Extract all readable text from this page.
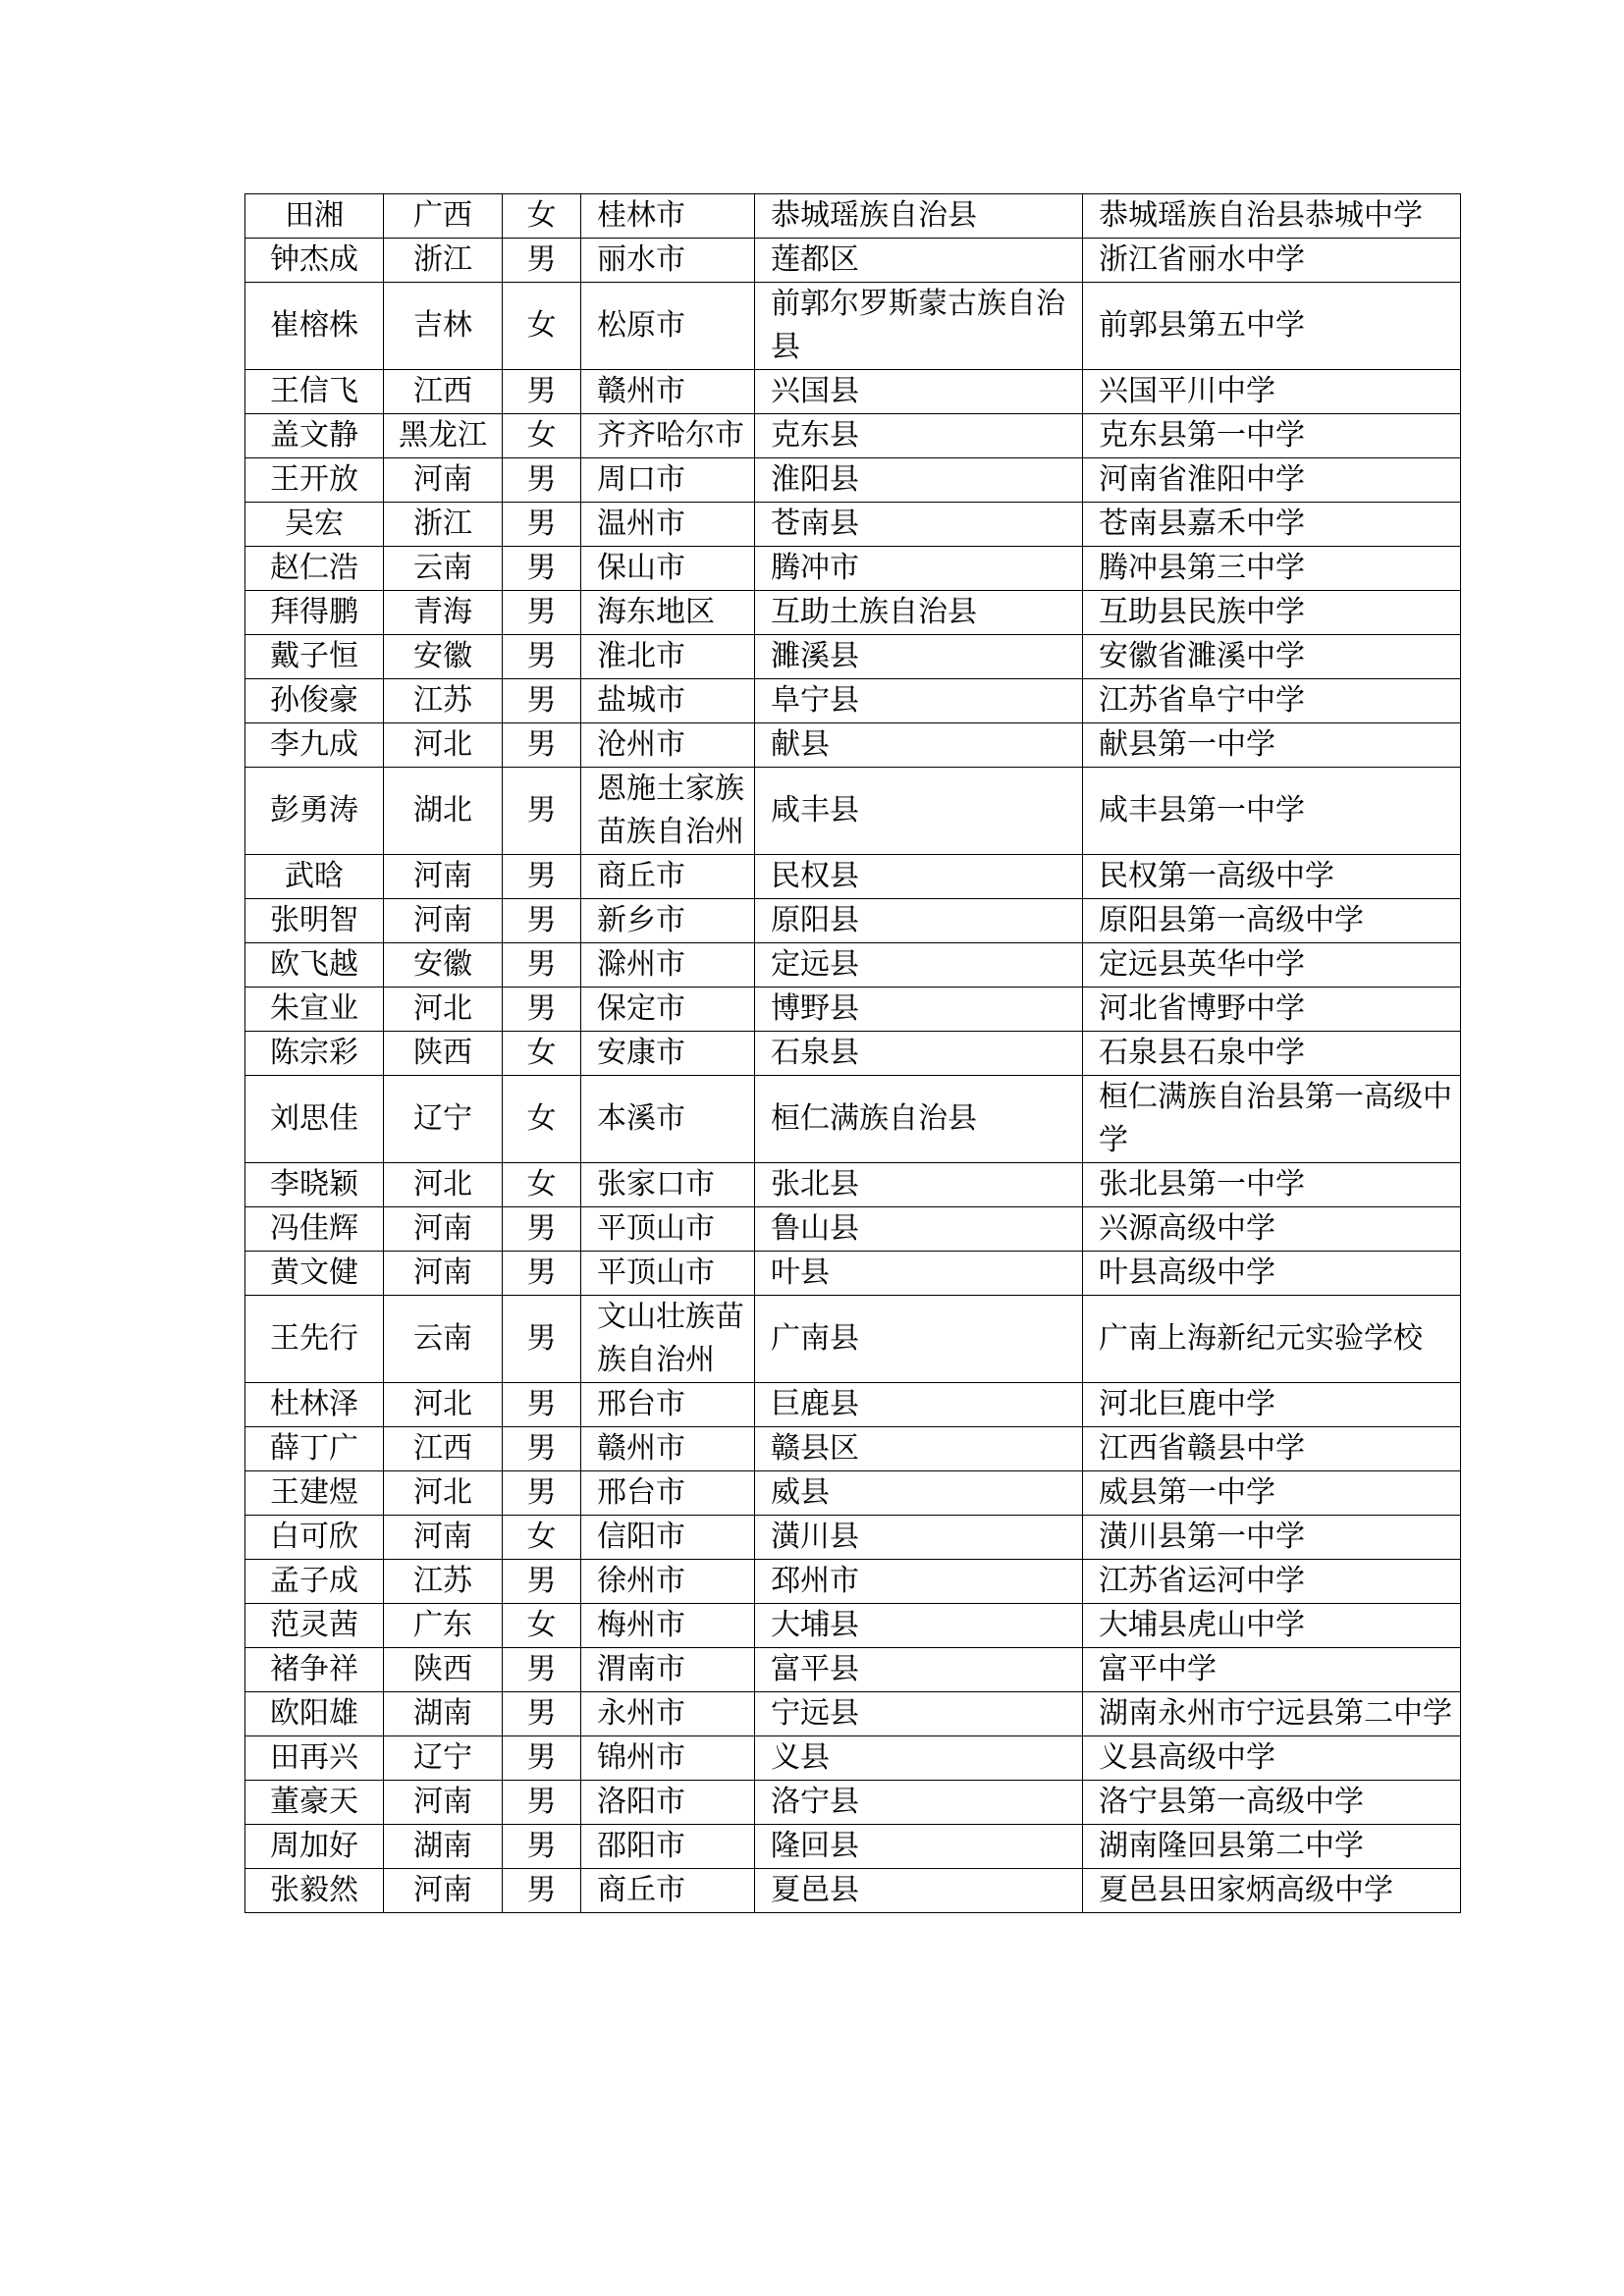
田湘	广西	女	桂林市	恭城瑶族自治县	恭城瑶族自治县恭城中学
钟杰成	浙江	男	丽水市	莲都区	浙江省丽水中学
崔榕株	吉林	女	松原市	前郭尔罗斯蒙古族自治县	前郭县第五中学
王信飞	江西	男	赣州市	兴国县	兴国平川中学
盖文静	黑龙江	女	齐齐哈尔市	克东县	克东县第一中学
王开放	河南	男	周口市	淮阳县	河南省淮阳中学
吴宏	浙江	男	温州市	苍南县	苍南县嘉禾中学
赵仁浩	云南	男	保山市	腾冲市	腾冲县第三中学
拜得鹏	青海	男	海东地区	互助土族自治县	互助县民族中学
戴子恒	安徽	男	淮北市	濉溪县	安徽省濉溪中学
孙俊豪	江苏	男	盐城市	阜宁县	江苏省阜宁中学
李九成	河北	男	沧州市	献县	献县第一中学
彭勇涛	湖北	男	恩施土家族苗族自治州	咸丰县	咸丰县第一中学
武晗	河南	男	商丘市	民权县	民权第一高级中学
张明智	河南	男	新乡市	原阳县	原阳县第一高级中学
欧飞越	安徽	男	滁州市	定远县	定远县英华中学
朱宣业	河北	男	保定市	博野县	河北省博野中学
陈宗彩	陕西	女	安康市	石泉县	石泉县石泉中学
刘思佳	辽宁	女	本溪市	桓仁满族自治县	桓仁满族自治县第一高级中学
李晓颖	河北	女	张家口市	张北县	张北县第一中学
冯佳辉	河南	男	平顶山市	鲁山县	兴源高级中学
黄文健	河南	男	平顶山市	叶县	叶县高级中学
王先行	云南	男	文山壮族苗族自治州	广南县	广南上海新纪元实验学校
杜林泽	河北	男	邢台市	巨鹿县	河北巨鹿中学
薛丁广	江西	男	赣州市	赣县区	江西省赣县中学
王建煜	河北	男	邢台市	威县	威县第一中学
白可欣	河南	女	信阳市	潢川县	潢川县第一中学
孟子成	江苏	男	徐州市	邳州市	江苏省运河中学
范灵茜	广东	女	梅州市	大埔县	大埔县虎山中学
褚争祥	陕西	男	渭南市	富平县	富平中学
欧阳雄	湖南	男	永州市	宁远县	湖南永州市宁远县第二中学
田再兴	辽宁	男	锦州市	义县	义县高级中学
董豪天	河南	男	洛阳市	洛宁县	洛宁县第一高级中学
周加好	湖南	男	邵阳市	隆回县	湖南隆回县第二中学
张毅然	河南	男	商丘市	夏邑县	夏邑县田家炳高级中学
